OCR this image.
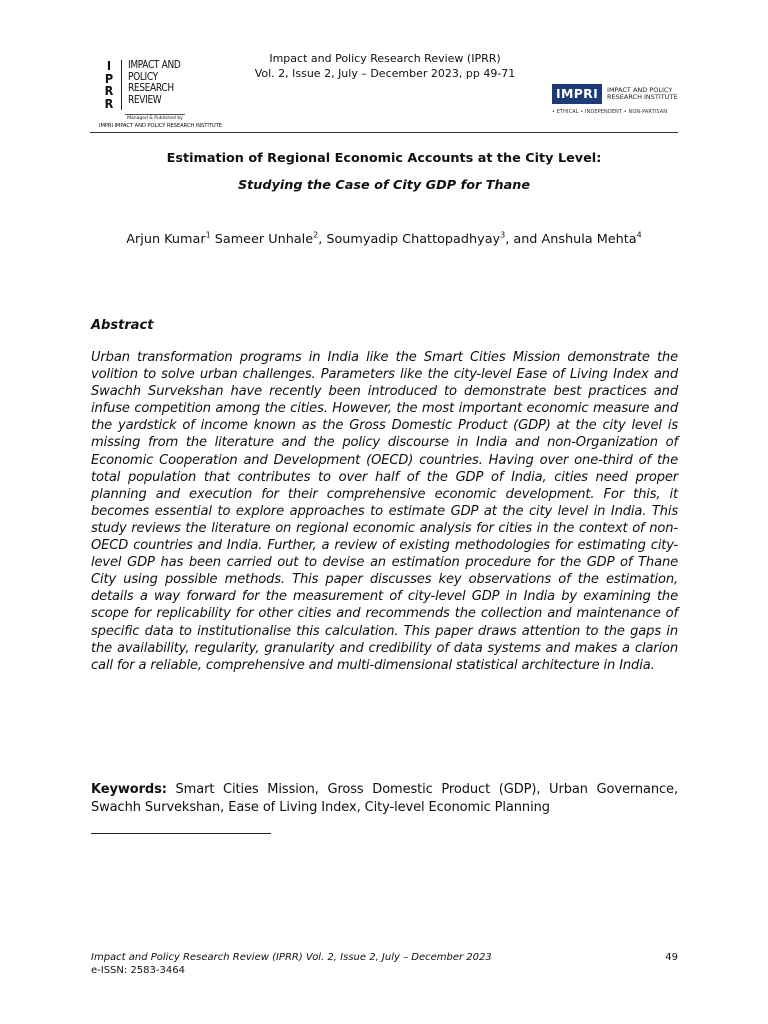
I
P
R
R
IMPACT AND
POLICY
RESEARCH
REVIEW
Managed & Published by
IMPRI IMPACT AND POLICY RESEARCH INSTITUTE
Impact and Policy Research Review (IPRR)
Vol. 2, Issue 2, July – December 2023, pp 49-71
IMPRI	IMPACT AND POLICY
RESEARCH INSTITUTE
• ETHICAL • INDEPENDENT • NON-PARTISAN
Estimation of Regional Economic Accounts at the City Level:
Studying the Case of City GDP for Thane
Arjun Kumar$^1$ Sameer Unhale$^2$, Soumyadip Chattopadhyay$^3$, and Anshula Mehta$^4$
Abstract
Urban transformation programs in India like the Smart Cities Mission demonstrate the volition to solve urban challenges. Parameters like the city-level Ease of Living Index and Swachh Survekshan have recently been introduced to demonstrate best practices and infuse competition among the cities. However, the most important economic measure and the yardstick of income known as the Gross Domestic Product (GDP) at the city level is missing from the literature and the policy discourse in India and non-Organization of Economic Cooperation and Development (OECD) countries. Having over one-third of the total population that contributes to over half of the GDP of India, cities need proper planning and execution for their comprehensive economic development. For this, it becomes essential to explore approaches to estimate GDP at the city level in India. This study reviews the literature on regional economic analysis for cities in the context of non-OECD countries and India. Further, a review of existing methodologies for estimating city-level GDP has been carried out to devise an estimation procedure for the GDP of Thane City using possible methods. This paper discusses key observations of the estimation, details a way forward for the measurement of city-level GDP in India by examining the scope for replicability for other cities and recommends the collection and maintenance of specific data to institutionalise this calculation. This paper draws attention to the gaps in the availability, regularity, granularity and credibility of data systems and makes a clarion call for a reliable, comprehensive and multi-dimensional statistical architecture in India.
Keywords: Smart Cities Mission, Gross Domestic Product (GDP), Urban Governance, Swachh Survekshan, Ease of Living Index, City-level Economic Planning
Impact and Policy Research Review (IPRR) Vol. 2, Issue 2, July – December 2023
e-ISSN: 2583-3464
49
